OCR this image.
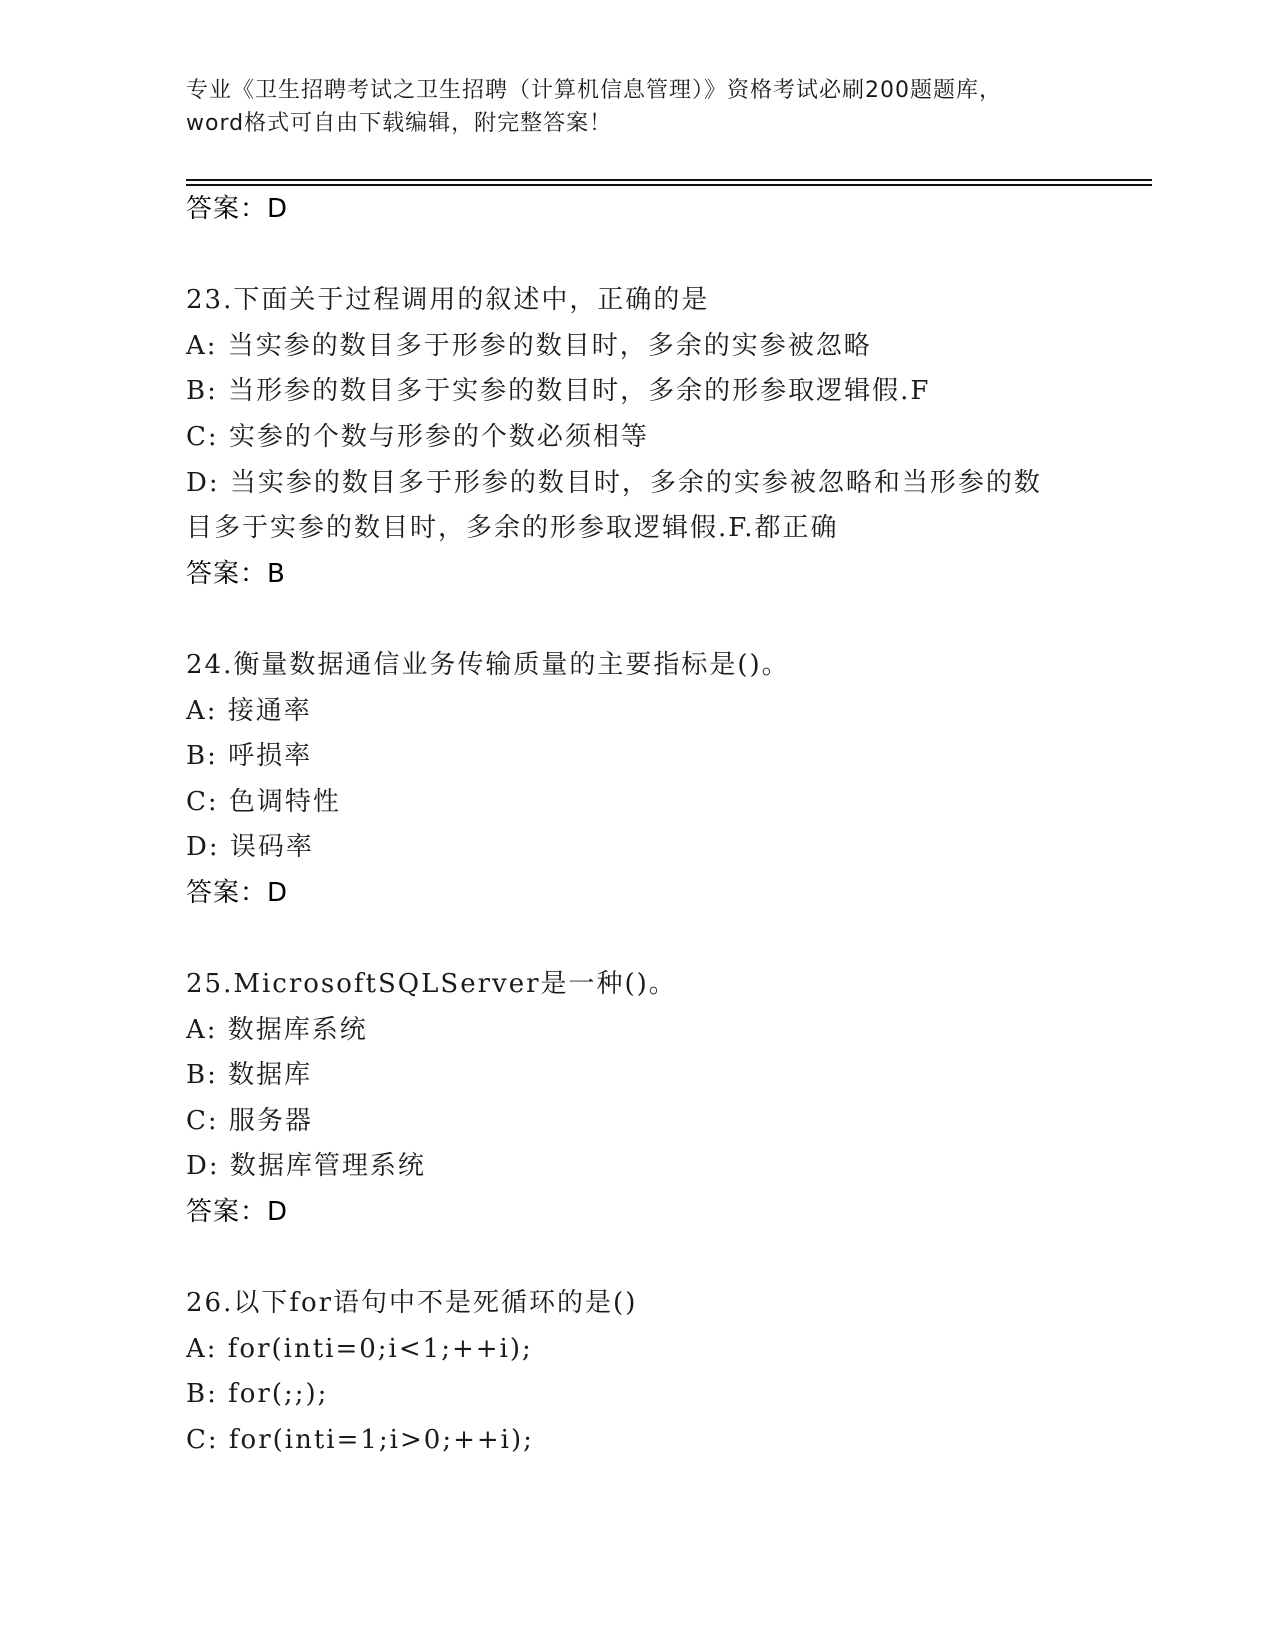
专业《卫生招聘考试之卫生招聘（计算机信息管理）》资格考试必刷200题题库，
word格式可自由下载编辑，附完整答案！
答案：D
23.下面关于过程调用的叙述中，正确的是
A: 当实参的数目多于形参的数目时，多余的实参被忽略
B: 当形参的数目多于实参的数目时，多余的形参取逻辑假.F
C: 实参的个数与形参的个数必须相等
D: 当实参的数目多于形参的数目时，多余的实参被忽略和当形参的数
目多于实参的数目时，多余的形参取逻辑假.F.都正确
答案：B
24.衡量数据通信业务传输质量的主要指标是()。
A: 接通率
B: 呼损率
C: 色调特性
D: 误码率
答案：D
25.MicrosoftSQLServer是一种()。
A: 数据库系统
B: 数据库
C: 服务器
D: 数据库管理系统
答案：D
26.以下for语句中不是死循环的是()
A: for(inti=0;i<1;++i);
B: for(;;);
C: for(inti=1;i>0;++i);
